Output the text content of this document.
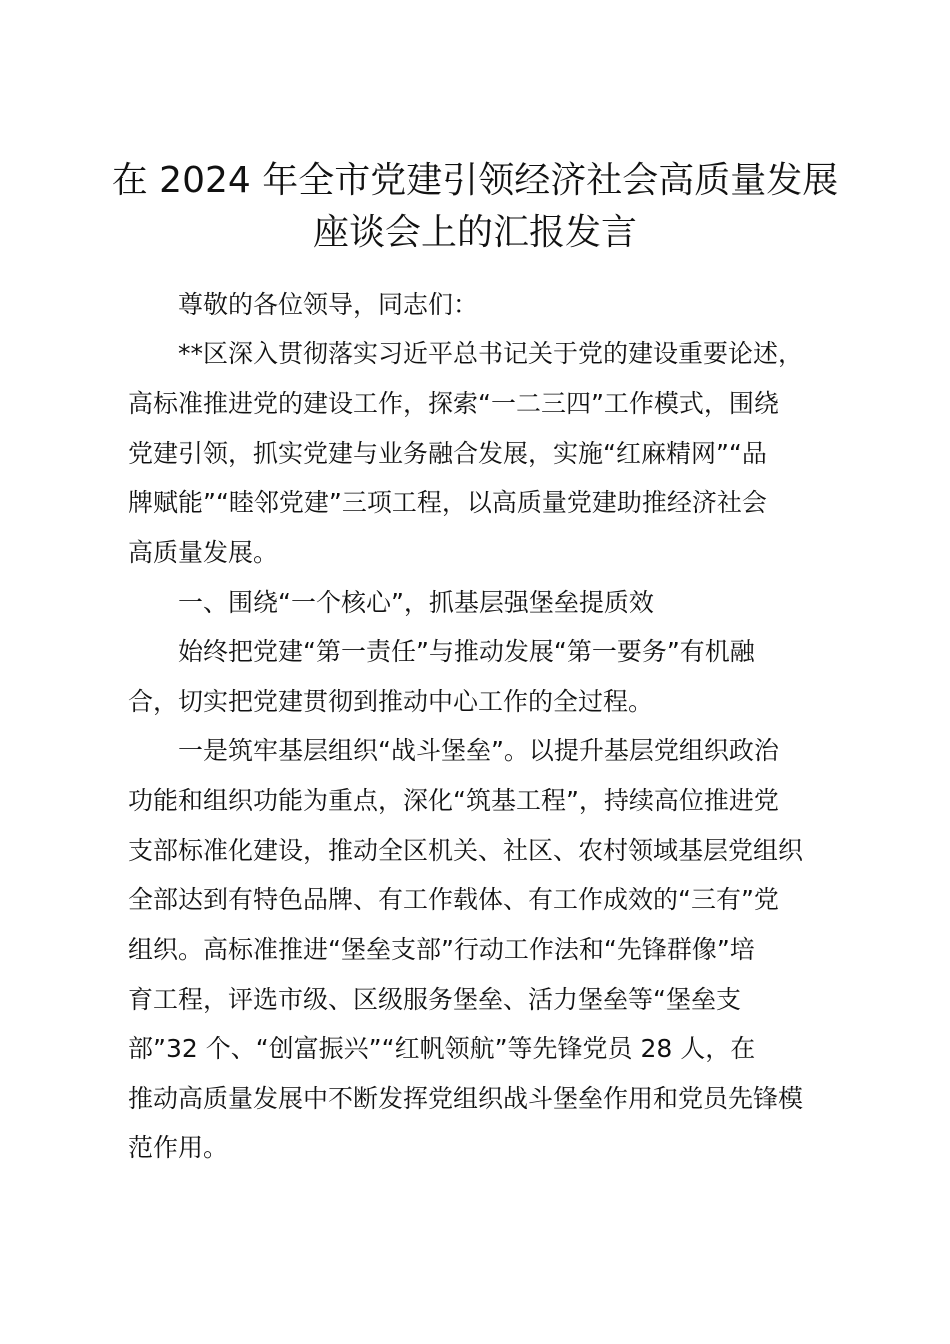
在 2024 年全市党建引领经济社会高质量发展
座谈会上的汇报发言

尊敬的各位领导，同志们：

**区深入贯彻落实习近平总书记关于党的建设重要论述，

高标准推进党的建设工作，探索“一二三四”工作模式，围绕

党建引领，抓实党建与业务融合发展，实施“红麻精网”“品

牌赋能”“睦邻党建”三项工程，以高质量党建助推经济社会

高质量发展。

一、围绕“一个核心”，抓基层强堡垒提质效

始终把党建“第一责任”与推动发展“第一要务”有机融

合，切实把党建贯彻到推动中心工作的全过程。

一是筑牢基层组织“战斗堡垒”。以提升基层党组织政治

功能和组织功能为重点，深化“筑基工程”，持续高位推进党

支部标准化建设，推动全区机关、社区、农村领域基层党组织

全部达到有特色品牌、有工作载体、有工作成效的“三有”党

组织。高标准推进“堡垒支部”行动工作法和“先锋群像”培

育工程，评选市级、区级服务堡垒、活力堡垒等“堡垒支

部”32 个、“创富振兴”“红帆领航”等先锋党员 28 人，在

推动高质量发展中不断发挥党组织战斗堡垒作用和党员先锋模

范作用。
